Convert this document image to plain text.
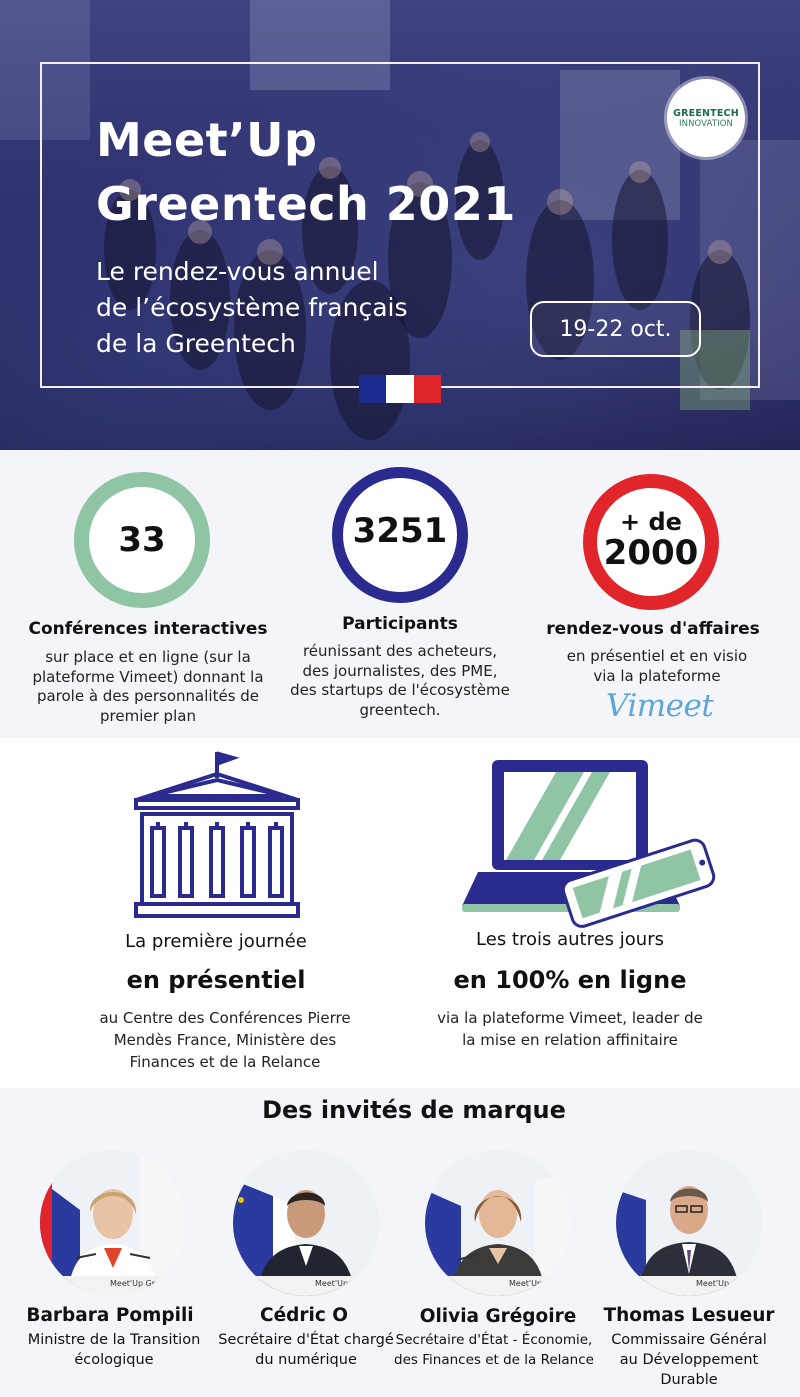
Meet’Up
Greentech 2021
Le rendez-vous annuel
de l’écosystème français
de la Greentech	19-22 oct.
GREENTECH
INNOVATION
33
Conférences interactives
sur place et en ligne (sur la plateforme Vimeet) donnant la parole à des personnalités de premier plan
3251
Participants
réunissant des acheteurs, des journalistes, des PME, des startups de l'écosystème greentech.
+ de
2000
rendez-vous d'affaires
en présentiel et en visio via la plateforme
Vimeet
La première journée
en présentiel
au Centre des Conférences Pierre Mendès France, Ministère des Finances et de la Relance
Les trois autres jours
en 100% en ligne
via la plateforme Vimeet, leader de la mise en relation affinitaire
Des invités de marque
Meet'Up Gre
Barbara Pompili
Ministre de la Transition écologique
Meet'Up
Cédric O
Secrétaire d'État chargé du numérique
Meet'Up
Olivia Grégoire
Secrétaire d'État - Économie, des Finances et de la Relance
Meet'Up
Thomas Lesueur
Commissaire Général au Développement Durable
